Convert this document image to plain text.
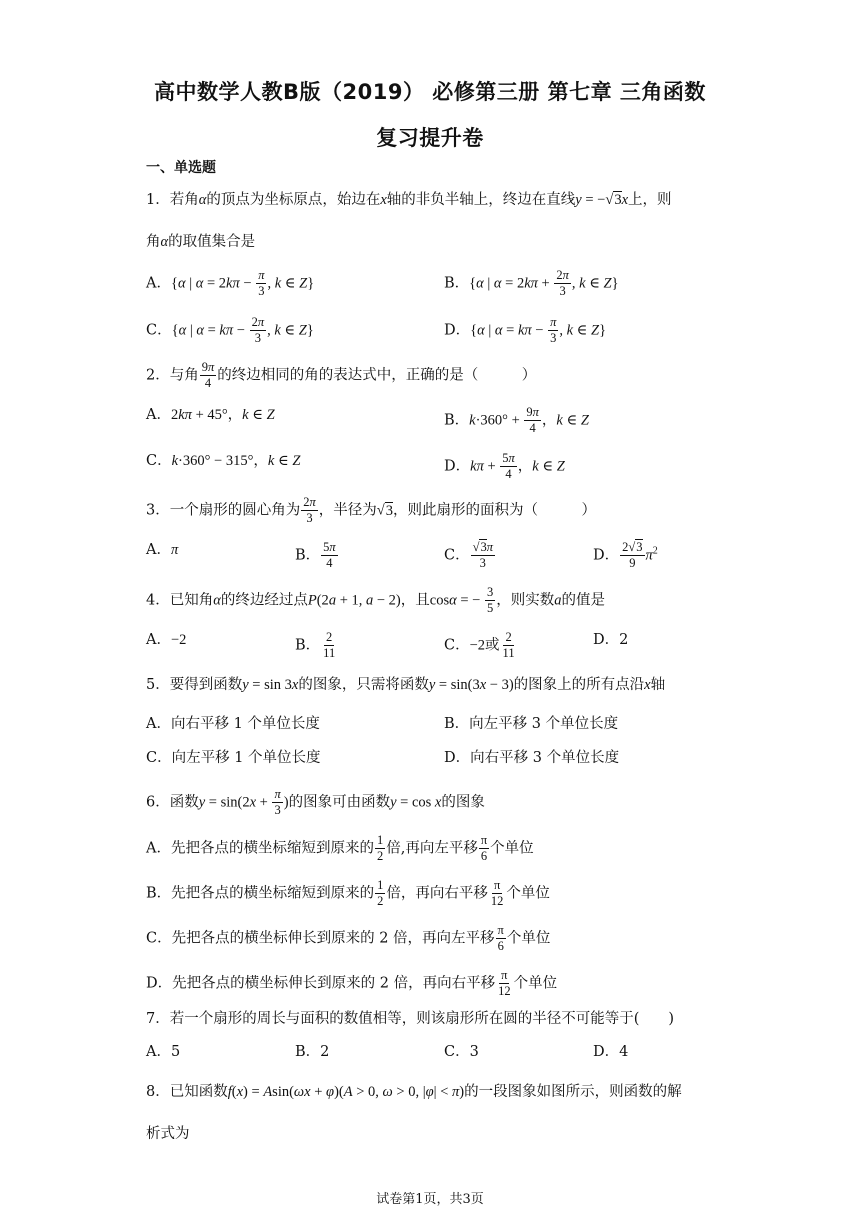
高中数学人教B版（2019） 必修第三册 第七章 三角函数
复习提升卷
一、单选题
1．若角α的顶点为坐标原点，始边在x轴的非负半轴上，终边在直线y = −√3x上，则
角α的取值集合是
A．{α | $\alpha = 2k\pi - \frac{\pi}{3}$ , k ∈ Z}	B．{α | $\alpha = 2k\pi + \frac{2\pi}{3}$ , k ∈ Z}
C．{α | $\alpha = k\pi - \frac{2\pi}{3}$ , k ∈ Z}	D．{α | $\alpha = k\pi - \frac{\pi}{3}$ , k ∈ Z}
2．与角 $\frac{9\pi}{4}$ 的终边相同的角的表达式中，正确的是（　　　）
A．2kπ + 45°，k ∈ Z	B．$k\cdot 360^\circ + \frac{9\pi}{4}$ ，k ∈ Z
C．k·360° − 315°，k ∈ Z	D．$k\pi + \frac{5\pi}{4}$ ，k ∈ Z
3．一个扇形的圆心角为 $\frac{2\pi}{3}$ ，半径为√3，则此扇形的面积为（　　　）
A．π	B． $\frac{5\pi}{4}$	C． $\frac{√3\pi}{3}$	D． $\frac{2√3}{9} \pi^2$
4．已知角α的终边经过点P(2a + 1, a − 2)，且cosα = − $\frac{3}{5}$ ，则实数a的值是
A．−2	B． $\frac{2}{11}$	C．−2或 $\frac{2}{11}$	D．2
5．要得到函数y = sin 3x的图象，只需将函数y = sin(3x − 3)的图象上的所有点沿x轴
A．向右平移 1 个单位长度	B．向左平移 3 个单位长度
C．向左平移 1 个单位长度	D．向右平移 3 个单位长度
6．函数$y = \sin(2x + \frac{\pi}{3}$ )的图象可由函数y = cos x的图象
A．先把各点的横坐标缩短到原来的 $\frac{1}{2}$ 倍,再向左平移 $\frac{\pi}{6}$ 个单位
B．先把各点的横坐标缩短到原来的 $\frac{1}{2}$ 倍，再向右平移 $\frac{\pi}{12}$ 个单位
C．先把各点的横坐标伸长到原来的 2 倍，再向左平移 $\frac{\pi}{6}$ 个单位
D．先把各点的横坐标伸长到原来的 2 倍，再向右平移 $\frac{\pi}{12}$ 个单位
7．若一个扇形的周长与面积的数值相等，则该扇形所在圆的半径不可能等于(　　)
A．5	B．2	C．3	D．4
8．已知函数f(x) = Asin(ωx + φ)(A > 0, ω > 0, |φ| < π)的一段图象如图所示，则函数的解
析式为
试卷第1页，共3页
